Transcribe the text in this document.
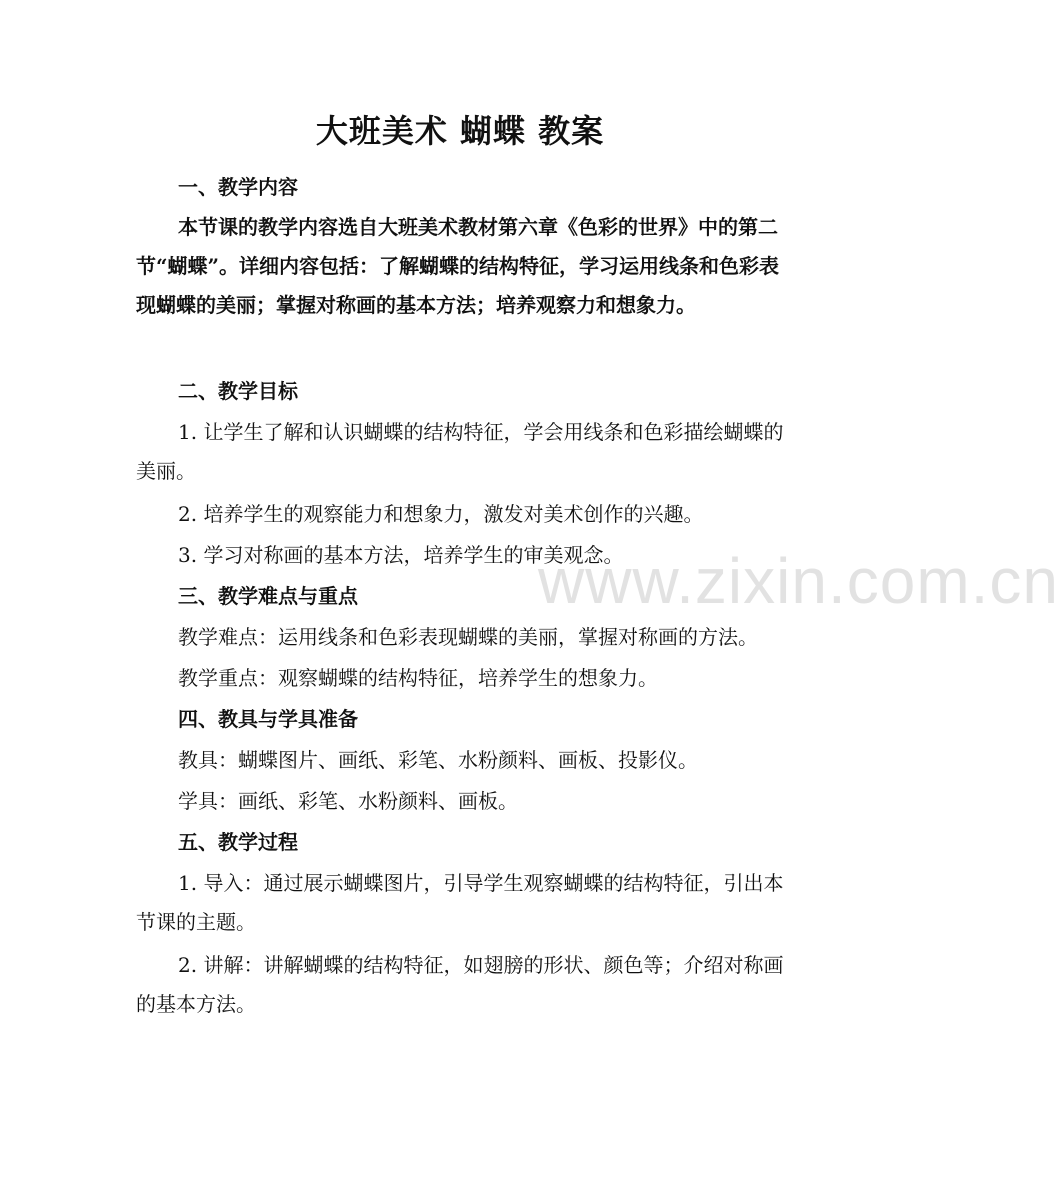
大班美术 蝴蝶 教案
一、教学内容
本节课的教学内容选自大班美术教材第六章《色彩的世界》中的第二节“蝴蝶”。详细内容包括：了解蝴蝶的结构特征，学习运用线条和色彩表现蝴蝶的美丽；掌握对称画的基本方法；培养观察力和想象力。
二、教学目标
1. 让学生了解和认识蝴蝶的结构特征，学会用线条和色彩描绘蝴蝶的美丽。
2. 培养学生的观察能力和想象力，激发对美术创作的兴趣。
3. 学习对称画的基本方法，培养学生的审美观念。
三、教学难点与重点
教学难点：运用线条和色彩表现蝴蝶的美丽，掌握对称画的方法。
教学重点：观察蝴蝶的结构特征，培养学生的想象力。
四、教具与学具准备
教具：蝴蝶图片、画纸、彩笔、水粉颜料、画板、投影仪。
学具：画纸、彩笔、水粉颜料、画板。
五、教学过程
1. 导入：通过展示蝴蝶图片，引导学生观察蝴蝶的结构特征，引出本节课的主题。
2. 讲解：讲解蝴蝶的结构特征，如翅膀的形状、颜色等；介绍对称画的基本方法。
www.zixin.com.cn
